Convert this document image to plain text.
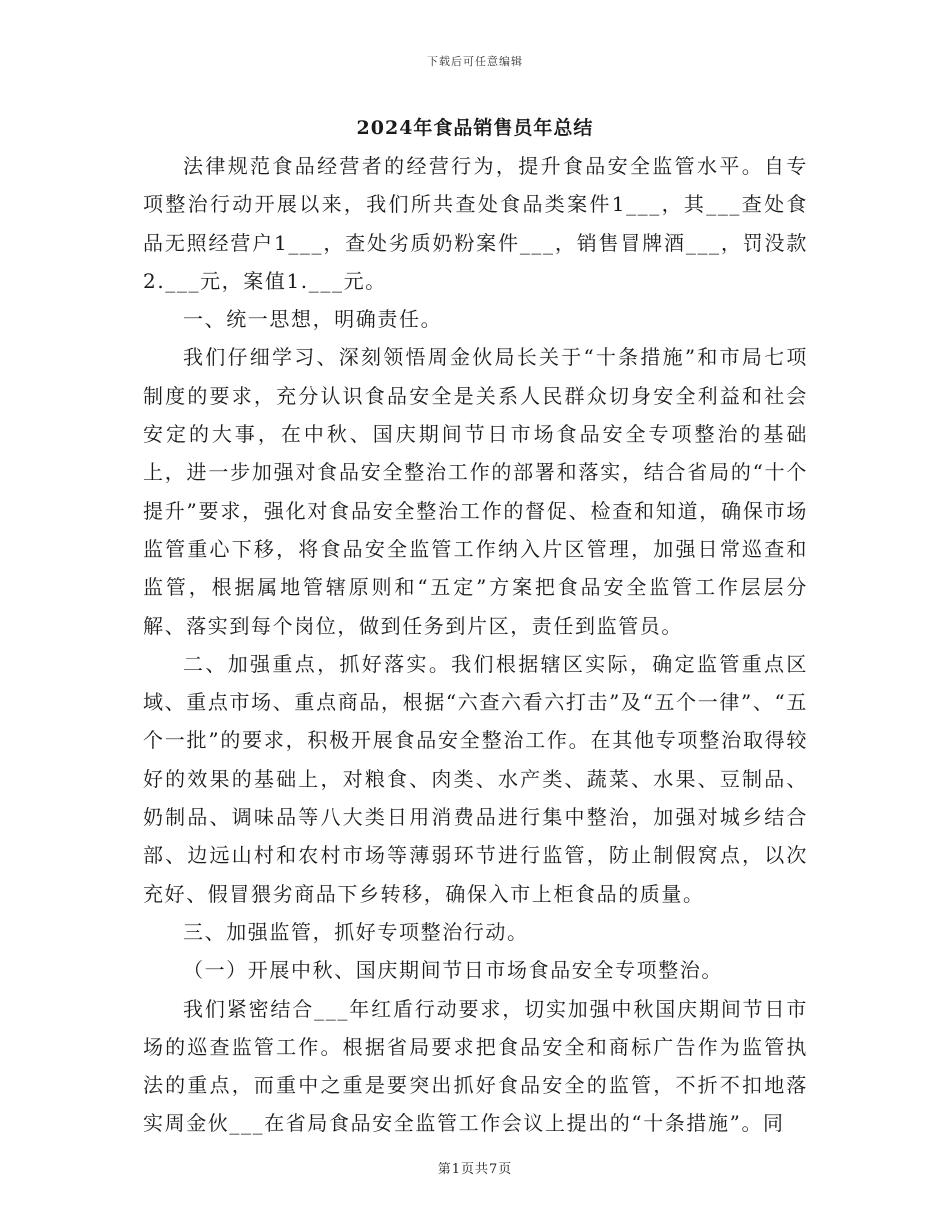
下载后可任意编辑
2024年食品销售员年总结

法律规范食品经营者的经营行为，提升食品安全监管水平。自专项整治行动开展以来，我们所共查处食品类案件1___，其___查处食品无照经营户1___，查处劣质奶粉案件___，销售冒牌酒___，罚没款2.___元，案值1.___元。

一、统一思想，明确责任。

我们仔细学习、深刻领悟周金伙局长关于“十条措施”和市局七项制度的要求，充分认识食品安全是关系人民群众切身安全利益和社会安定的大事，在中秋、国庆期间节日市场食品安全专项整治的基础上，进一步加强对食品安全整治工作的部署和落实，结合省局的“十个提升”要求，强化对食品安全整治工作的督促、检查和知道，确保市场监管重心下移，将食品安全监管工作纳入片区管理，加强日常巡查和监管，根据属地管辖原则和“五定”方案把食品安全监管工作层层分解、落实到每个岗位，做到任务到片区，责任到监管员。

二、加强重点，抓好落实。我们根据辖区实际，确定监管重点区域、重点市场、重点商品，根据“六查六看六打击”及“五个一律”、“五个一批”的要求，积极开展食品安全整治工作。在其他专项整治取得较好的效果的基础上，对粮食、肉类、水产类、蔬菜、水果、豆制品、奶制品、调味品等八大类日用消费品进行集中整治，加强对城乡结合部、边远山村和农村市场等薄弱环节进行监管，防止制假窝点，以次充好、假冒猥劣商品下乡转移，确保入市上柜食品的质量。

三、加强监管，抓好专项整治行动。

（一）开展中秋、国庆期间节日市场食品安全专项整治。

我们紧密结合___年红盾行动要求，切实加强中秋国庆期间节日市场的巡查监管工作。根据省局要求把食品安全和商标广告作为监管执法的重点，而重中之重是要突出抓好食品安全的监管，不折不扣地落实周金伙___在省局食品安全监管工作会议上提出的“十条措施”。同

第1页共7页
